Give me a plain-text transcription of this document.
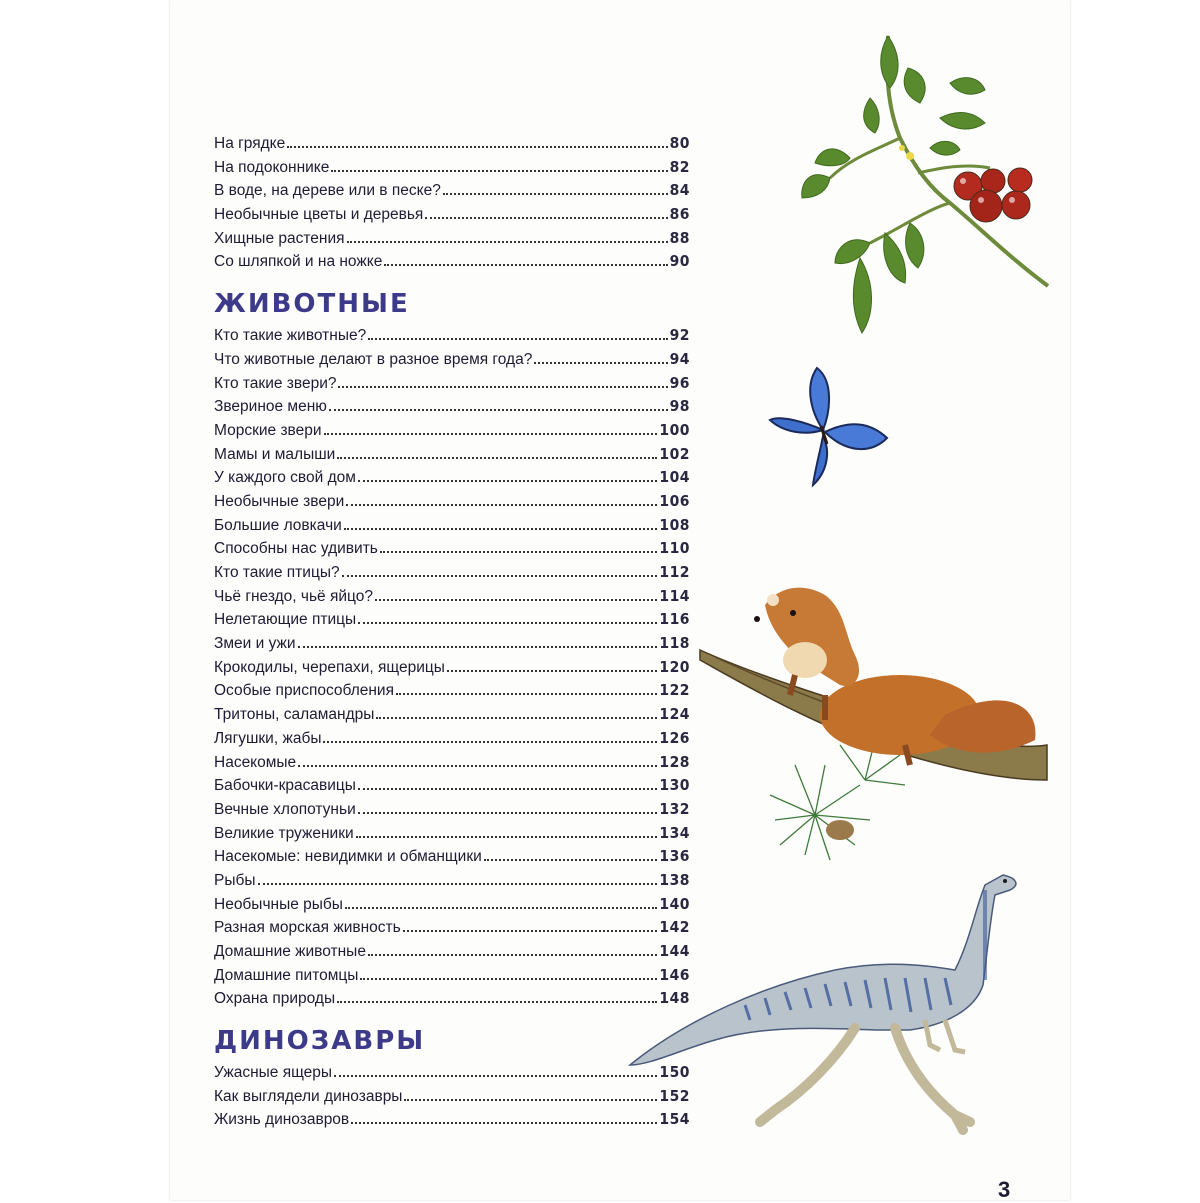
На грядке	80
На подоконнике	82
В воде, на дереве или в песке?	84
Необычные цветы и деревья	86
Хищные растения	88
Со шляпкой и на ножке	90
ЖИВОТНЫЕ
Кто такие животные?	92
Что животные делают в разное время года?	94
Кто такие звери?	96
Звериное меню	98
Морские звери	100
Мамы и малыши	102
У каждого свой дом	104
Необычные звери	106
Большие ловкачи	108
Способны нас удивить	110
Кто такие птицы?	112
Чьё гнездо, чьё яйцо?	114
Нелетающие птицы	116
Змеи и ужи	118
Крокодилы, черепахи, ящерицы	120
Особые приспособления	122
Тритоны, саламандры	124
Лягушки, жабы	126
Насекомые	128
Бабочки-красавицы	130
Вечные хлопотуньи	132
Великие труженики	134
Насекомые: невидимки и обманщики	136
Рыбы	138
Необычные рыбы	140
Разная морская живность	142
Домашние животные	144
Домашние питомцы	146
Охрана природы	148
ДИНОЗАВРЫ
Ужасные ящеры	150
Как выглядели динозавры	152
Жизнь динозавров	154
3
